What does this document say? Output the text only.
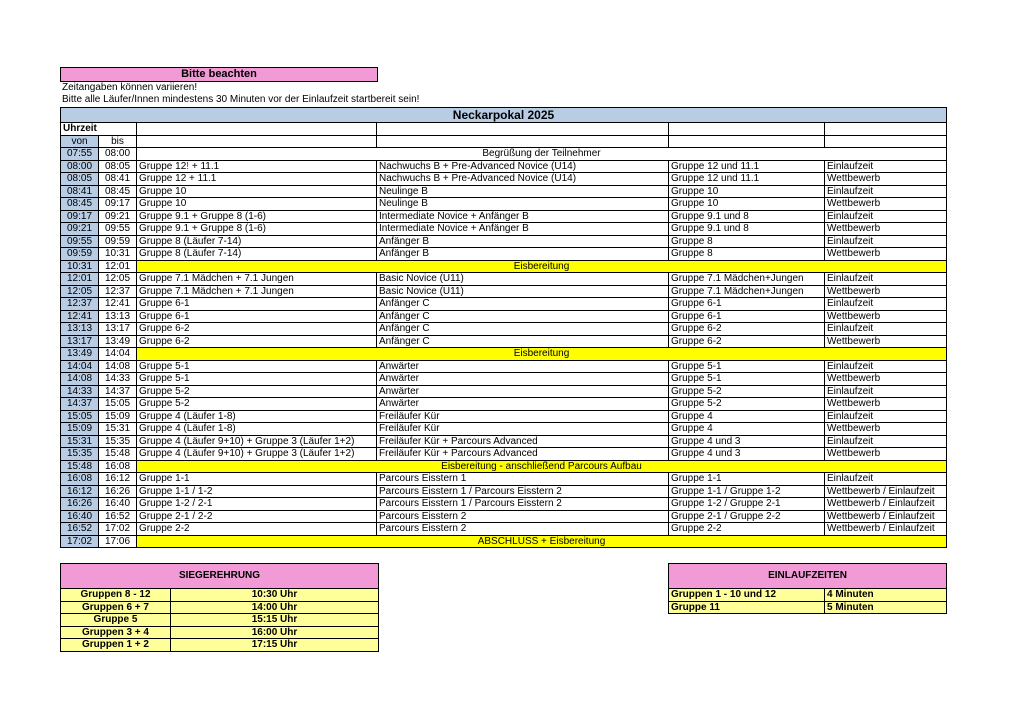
Bitte beachten
Zeitangaben können variieren!
Bitte alle Läufer/Innen mindestens 30 Minuten vor der Einlaufzeit startbereit sein!
Neckarpokal 2025					
Uhrzeit					
von	bis				
07:55	08:00	Begrüßung der Teilnehmer			
08:00	08:05	Gruppe 12! + 11.1	Nachwuchs B + Pre-Advanced Novice (U14)	Gruppe 12 und 11.1	Einlaufzeit
08:05	08:41	Gruppe 12 + 11.1	Nachwuchs B + Pre-Advanced Novice (U14)	Gruppe 12 und 11.1	Wettbewerb
08:41	08:45	Gruppe 10	Neulinge B	Gruppe 10	Einlaufzeit
08:45	09:17	Gruppe 10	Neulinge B	Gruppe 10	Wettbewerb
09:17	09:21	Gruppe 9.1 + Gruppe 8 (1-6)	Intermediate Novice + Anfänger B	Gruppe 9.1 und 8	Einlaufzeit
09:21	09:55	Gruppe 9.1 + Gruppe 8 (1-6)	Intermediate Novice + Anfänger B	Gruppe 9.1 und 8	Wettbewerb
09:55	09:59	Gruppe 8 (Läufer 7-14)	Anfänger B	Gruppe 8	Einlaufzeit
09:59	10:31	Gruppe 8 (Läufer 7-14)	Anfänger B	Gruppe 8	Wettbewerb
10:31	12:01	Eisbereitung			
12:01	12:05	Gruppe 7.1 Mädchen + 7.1 Jungen	Basic Novice (U11)	Gruppe 7.1 Mädchen+Jungen	Einlaufzeit
12:05	12:37	Gruppe 7.1 Mädchen + 7.1 Jungen	Basic Novice (U11)	Gruppe 7.1 Mädchen+Jungen	Wettbewerb
12:37	12:41	Gruppe 6-1	Anfänger C	Gruppe 6-1	Einlaufzeit
12:41	13:13	Gruppe 6-1	Anfänger C	Gruppe 6-1	Wettbewerb
13:13	13:17	Gruppe 6-2	Anfänger C	Gruppe 6-2	Einlaufzeit
13:17	13:49	Gruppe 6-2	Anfänger C	Gruppe 6-2	Wettbewerb
13:49	14:04	Eisbereitung			
14:04	14:08	Gruppe 5-1	Anwärter	Gruppe 5-1	Einlaufzeit
14:08	14:33	Gruppe 5-1	Anwärter	Gruppe 5-1	Wettbewerb
14:33	14:37	Gruppe 5-2	Anwärter	Gruppe 5-2	Einlaufzeit
14:37	15:05	Gruppe 5-2	Anwärter	Gruppe 5-2	Wettbewerb
15:05	15:09	Gruppe 4 (Läufer 1-8)	Freiläufer Kür	Gruppe 4	Einlaufzeit
15:09	15:31	Gruppe 4 (Läufer 1-8)	Freiläufer Kür	Gruppe 4	Wettbewerb
15:31	15:35	Gruppe 4 (Läufer 9+10) + Gruppe 3 (Läufer 1+2)	Freiläufer Kür + Parcours Advanced	Gruppe 4 und 3	Einlaufzeit
15:35	15:48	Gruppe 4 (Läufer 9+10) + Gruppe 3 (Läufer 1+2)	Freiläufer Kür + Parcours Advanced	Gruppe 4 und 3	Wettbewerb
15:48	16:08	Eisbereitung - anschließend Parcours Aufbau			
16:08	16:12	Gruppe 1-1	Parcours Eisstern 1	Gruppe 1-1	Einlaufzeit
16:12	16:26	Gruppe 1-1 / 1-2	Parcours Eisstern 1 / Parcours Eisstern 2	Gruppe 1-1 / Gruppe 1-2	Wettbewerb / Einlaufzeit
16:26	16:40	Gruppe 1-2 / 2-1	Parcours Eisstern 1 / Parcours Eisstern 2	Gruppe 1-2 / Gruppe 2-1	Wettbewerb / Einlaufzeit
16:40	16:52	Gruppe 2-1 / 2-2	Parcours Eisstern 2	Gruppe 2-1 / Gruppe 2-2	Wettbewerb / Einlaufzeit
16:52	17:02	Gruppe 2-2	Parcours Eisstern 2	Gruppe 2-2	Wettbewerb / Einlaufzeit
17:02	17:06	ABSCHLUSS + Eisbereitung			
SIEGEREHRUNG	
Gruppen 8 - 12	10:30 Uhr
Gruppen 6 + 7	14:00 Uhr
Gruppe 5	15:15 Uhr
Gruppen 3 + 4	16:00 Uhr
Gruppen 1 + 2	17:15 Uhr
EINLAUFZEITEN	
Gruppen 1 - 10 und 12	4 Minuten
Gruppe 11	5 Minuten
